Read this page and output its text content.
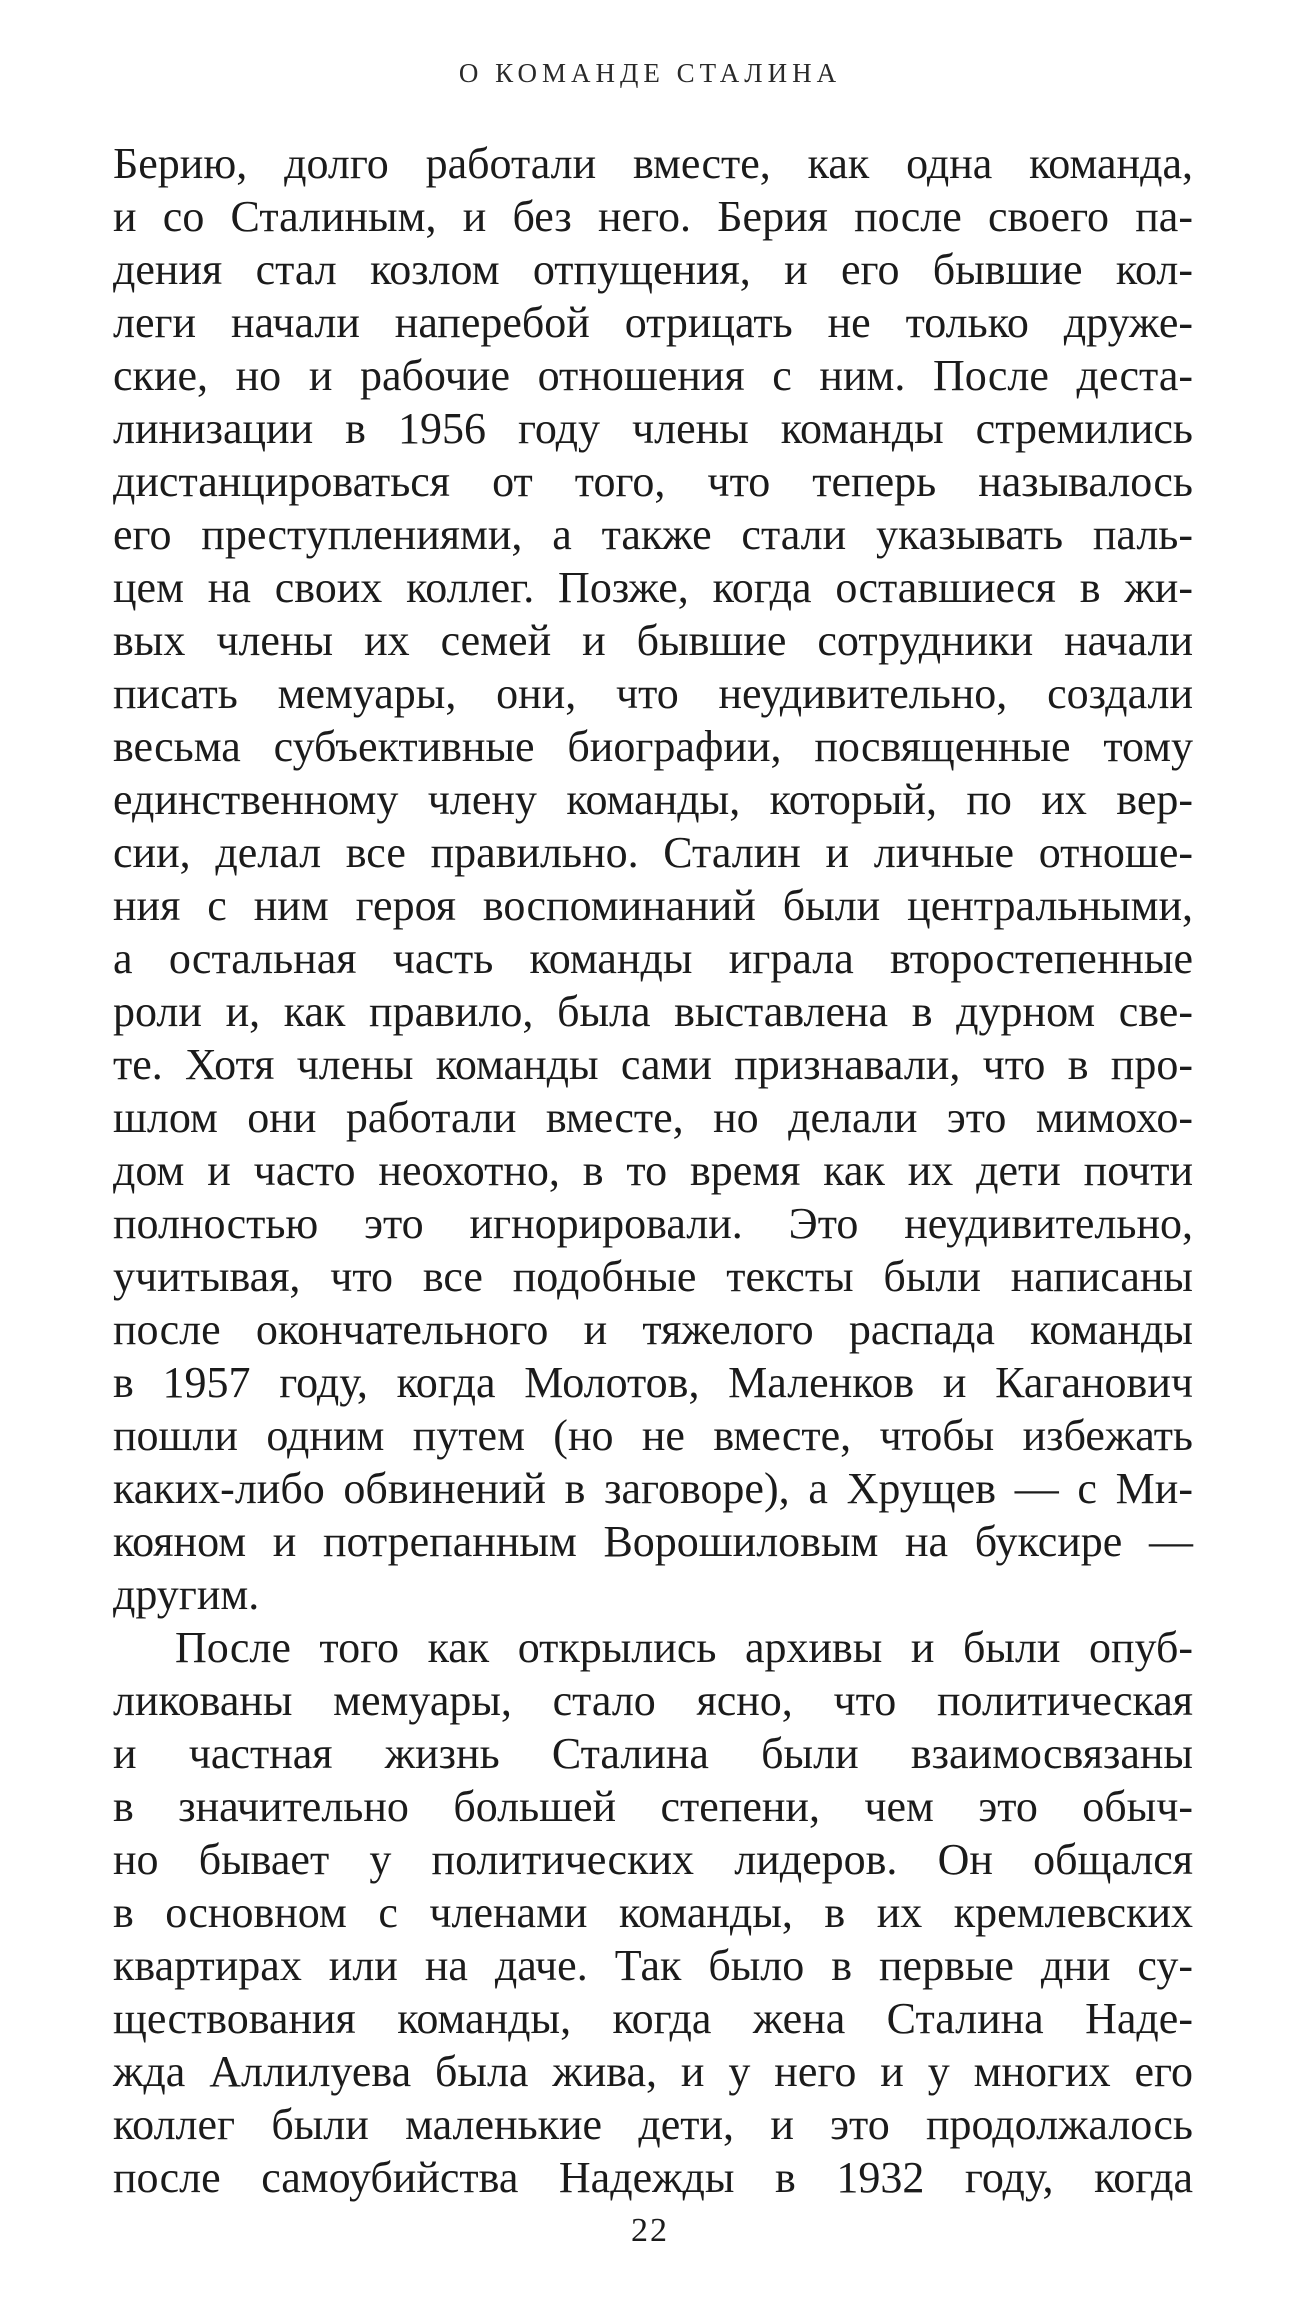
О КОМАНДЕ СТАЛИНА
Берию, долго работали вместе, как одна команда,
и со Сталиным, и без него. Берия после своего па-
дения стал козлом отпущения, и его бывшие кол-
леги начали наперебой отрицать не только друже-
ские, но и рабочие отношения с ним. После деста-
линизации в 1956 году члены команды стремились
дистанцироваться от того, что теперь называлось
его преступлениями, а также стали указывать паль-
цем на своих коллег. Позже, когда оставшиеся в жи-
вых члены их семей и бывшие сотрудники начали
писать мемуары, они, что неудивительно, создали
весьма субъективные биографии, посвященные тому
единственному члену команды, который, по их вер-
сии, делал все правильно. Сталин и личные отноше-
ния с ним героя воспоминаний были центральными,
а остальная часть команды играла второстепенные
роли и, как правило, была выставлена в дурном све-
те. Хотя члены команды сами признавали, что в про-
шлом они работали вместе, но делали это мимохо-
дом и часто неохотно, в то время как их дети почти
полностью это игнорировали. Это неудивительно,
учитывая, что все подобные тексты были написаны
после окончательного и тяжелого распада команды
в 1957 году, когда Молотов, Маленков и Каганович
пошли одним путем (но не вместе, чтобы избежать
каких-либо обвинений в заговоре), а Хрущев — с Ми-
кояном и потрепанным Ворошиловым на буксире —
другим.
После того как открылись архивы и были опуб-
ликованы мемуары, стало ясно, что политическая
и частная жизнь Сталина были взаимосвязаны
в значительно большей степени, чем это обыч-
но бывает у политических лидеров. Он общался
в основном с членами команды, в их кремлевских
квартирах или на даче. Так было в первые дни су-
ществования команды, когда жена Сталина Наде-
жда Аллилуева была жива, и у него и у многих его
коллег были маленькие дети, и это продолжалось
после самоубийства Надежды в 1932 году, когда
22
